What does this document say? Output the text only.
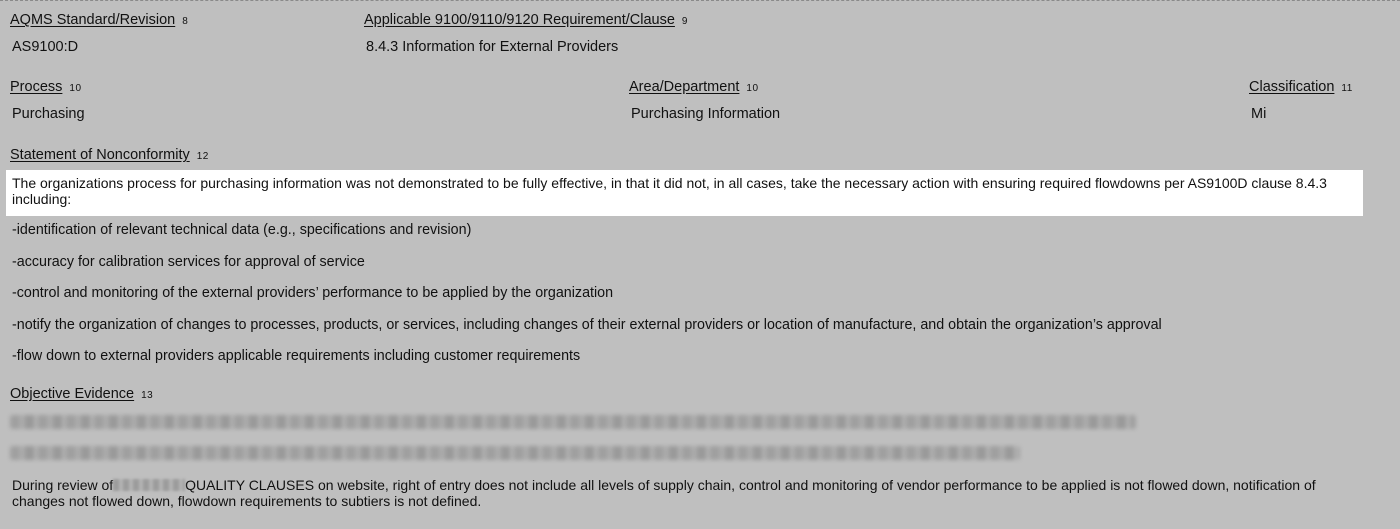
AQMS Standard/Revision 8
AS9100:D
Applicable 9100/9110/9120 Requirement/Clause 9
8.4.3 Information for External Providers
Process 10
Purchasing
Area/Department 10
Purchasing Information
Classification 11
Mi
Statement of Nonconformity 12
The organizations process for purchasing information was not demonstrated to be fully effective, in that it did not, in all cases, take the necessary action with ensuring required flowdowns per AS9100D clause 8.4.3 including:
-identification of relevant technical data (e.g., specifications and revision)
-accuracy for calibration services for approval of service
-control and monitoring of the external providers’ performance to be applied by the organization
-notify the organization of changes to processes, products, or services, including changes of their external providers or location of manufacture, and obtain the organization’s approval
-flow down to external providers applicable requirements including customer requirements
Objective Evidence 13
During review of	QUALITY CLAUSES on website, right of entry does not include all levels of supply chain, control and monitoring of vendor performance to be applied is not flowed down, notification of changes not flowed down, flowdown requirements to subtiers is not defined.
